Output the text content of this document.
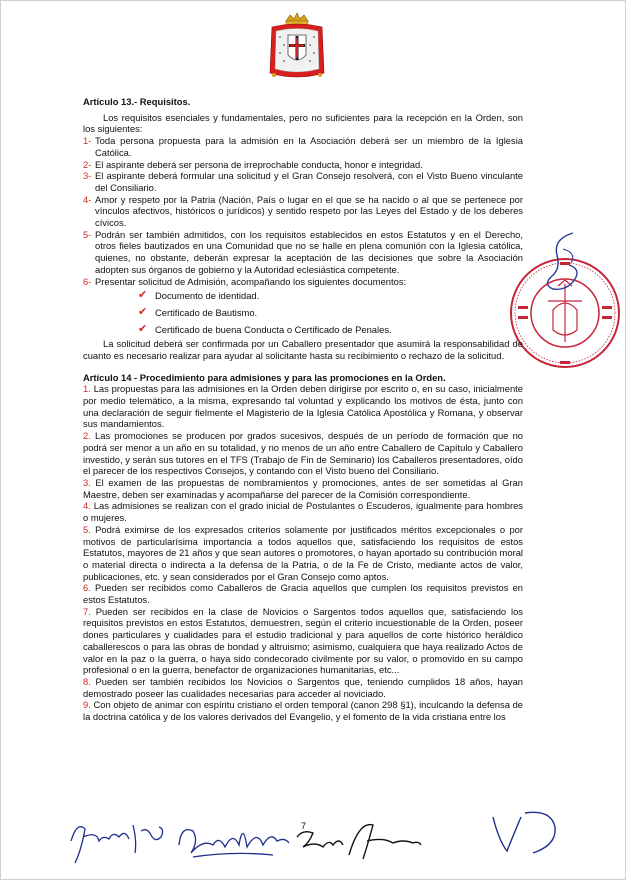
Artículo 13.- Requisitos.

Los requisitos esenciales y fundamentales, pero no suficientes para la recepción en la Orden, son los siguientes:

1- Toda persona propuesta para la admisión en la Asociación deberá ser un miembro de la Iglesia Católica.
2- El aspirante deberá ser persona de irreprochable conducta, honor e integridad.
3- El aspirante deberá formular una solicitud y el Gran Consejo resolverá, con el Visto Bueno vinculante del Consiliario.
4- Amor y respeto por la Patria (Nación, País o lugar en el que se ha nacido o al que se pertenece por vínculos afectivos, históricos o jurídicos) y sentido respeto por las Leyes del Estado y de los deberes cívicos.
5- Podrán ser también admitidos, con los requisitos establecidos en estos Estatutos y en el Derecho, otros fieles bautizados en una Comunidad que no se halle en plena comunión con la Iglesia católica, quienes, no obstante, deberán expresar la aceptación de las decisiones que sobre la Asociación adopten sus órganos de gobierno y la Autoridad eclesiástica competente.
6- Presentar solicitud de Admisión, acompañando los siguientes documentos:
✔ Documento de identidad.
✔ Certificado de Bautismo.
✔ Certificado de buena Conducta o Certificado de Penales.

La solicitud deberá ser confirmada por un Caballero presentador que asumirá la responsabilidad de cuanto es necesario realizar para ayudar al solicitante hasta su recibimiento o rechazo de la solicitud.

Artículo 14 - Procedimiento para admisiones y para las promociones en la Orden.

1. Las propuestas para las admisiones en la Orden deben dirigirse por escrito o, en su caso, inicialmente por medio telemático, a la misma, expresando tal voluntad y explicando los motivos de ésta, junto con una declaración de seguir fielmente el Magisterio de la Iglesia Católica Apostólica y Romana, y observar sus mandamientos.

2. Las promociones se producen por grados sucesivos, después de un período de formación que no podrá ser menor a un año en su totalidad, y no menos de un año entre Caballero de Capítulo y Caballero investido, y serán sus tutores en el TFS (Trabajo de Fin de Seminario) los Caballeros presentadores, oído el parecer de los respectivos Consejos, y contando con el Visto bueno del Consiliario.

3. El examen de las propuestas de nombramientos y promociones, antes de ser sometidas al Gran Maestre, deben ser examinadas y acompañarse del parecer de la Comisión correspondiente.

4. Las admisiones se realizan con el grado inicial de Postulantes o Escuderos, igualmente para hombres o mujeres.

5. Podrá eximirse de los expresados criterios solamente por justificados méritos excepcionales o por motivos de particularísima importancia a todos aquellos que, satisfaciendo los requisitos de estos Estatutos, mayores de 21 años y que sean autores o promotores, o hayan aportado su contribución moral o material directa o indirecta a la defensa de la Patria, o de la Fe de Cristo, mediante actos de valor, publicaciones, etc. y sean considerados por el Gran Consejo como aptos.

6. Pueden ser recibidos como Caballeros de Gracia aquellos que cumplen los requisitos previstos en estos Estatutos.

7. Pueden ser recibidos en la clase de Novicios o Sargentos todos aquellos que, satisfaciendo los requisitos previstos en estos Estatutos, demuestren, según el criterio incuestionable de la Orden, poseer dones particulares y cualidades para el estudio tradicional y para aquellos de corte histórico heráldico caballerescos o para las obras de bondad y altruismo; asimismo, cualquiera que haya realizado Actos de valor en la paz o la guerra, o haya sido condecorado civilmente por su valor, o promovido en su campo profesional o en la guerra, benefactor de organizaciones humanitarias, etc...

8. Pueden ser también recibidos los Novicios o Sargentos que, teniendo cumplidos 18 años, hayan demostrado poseer las cualidades necesarias para acceder al noviciado.

9. Con objeto de animar con espíritu cristiano el orden temporal (canon 298 §1), inculcando la defensa de la doctrina católica y de los valores derivados del Evangelio, y el fomento de la vida cristiana entre los

7
